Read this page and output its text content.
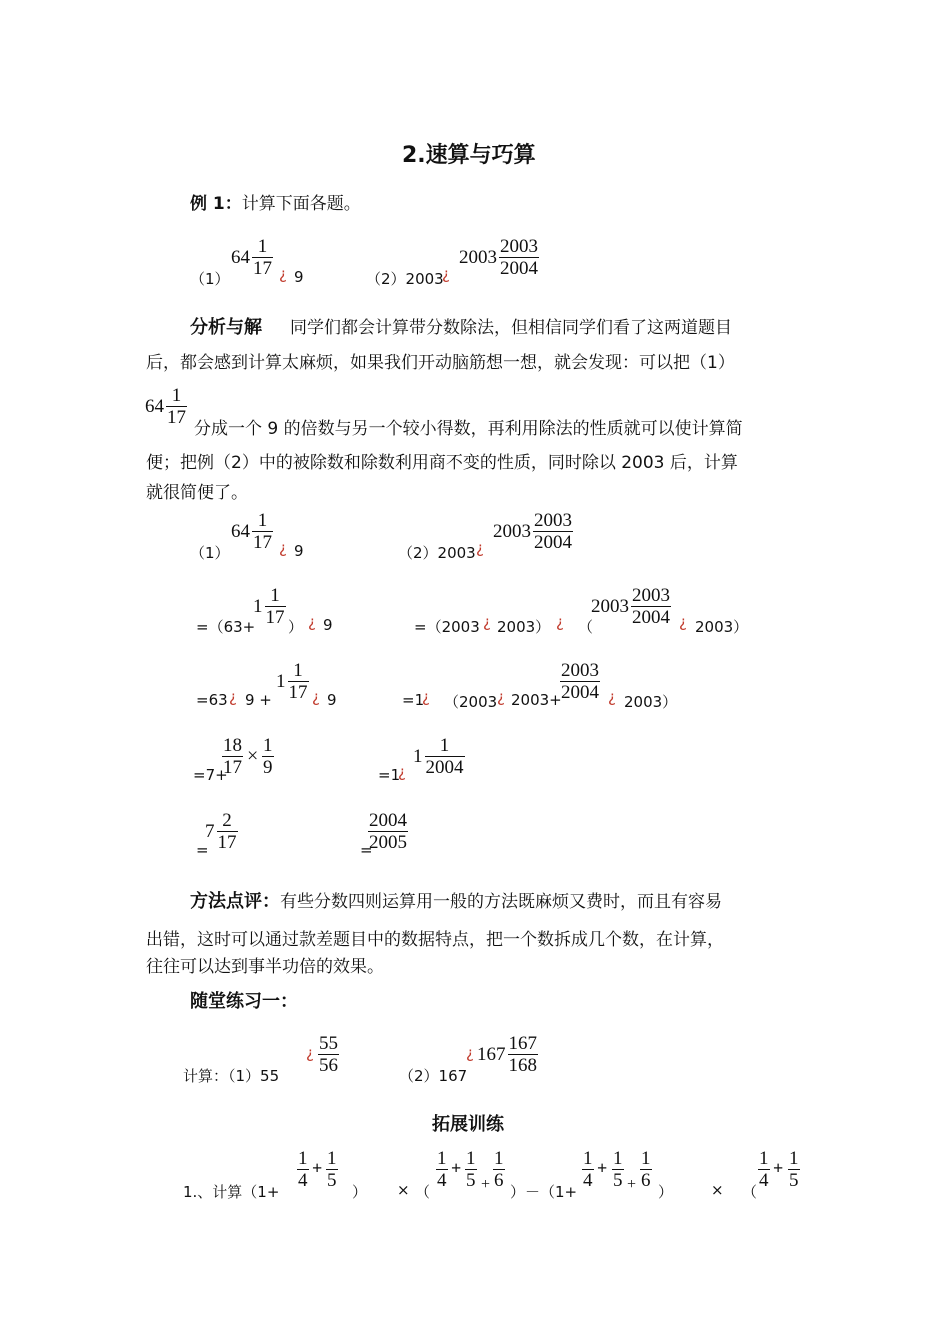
2.速算与巧算
例 1：计算下面各题。
（1）
$64 \frac{1}{17}$ ¿ 9	（2）2003
¿
$2003 \frac{2003}{2004}$
分析与解 同学们都会计算带分数除法，但相信同学们看了这两道题目
后，都会感到计算太麻烦，如果我们开动脑筋想一想，就会发现：可以把（1）
$64 \frac{1}{17}$
分成一个 9 的倍数与另一个较小得数，再利用除法的性质就可以使计算简
便；把例（2）中的被除数和除数利用商不变的性质，同时除以 2003 后，计算
就很简便了。
（1）
$64 \frac{1}{17}$ ¿ 9	（2）2003 ¿
$2003 \frac{2003}{2004}$
=（63+
$1 \frac{1}{17}$ ） ¿ 9	=（2003 ¿ 2003） ¿ （
$2003 \frac{2003}{2004}$ ¿ 2003）
=63 ¿ 9 +
$1 \frac{1}{17}$ ¿ 9	=1
¿ （2003 ¿ 2003+
$\frac{2003}{2004}$ ¿ 2003）
=7+
$\frac{18}{17} \times \frac{1}{9}$	=1
¿
$1 \frac{1}{2004}$
=
$7 \frac{2}{17}$	=
$\frac{2004}{2005}$
方法点评：有些分数四则运算用一般的方法既麻烦又费时，而且有容易
出错，这时可以通过款差题目中的数据特点，把一个数拆成几个数，在计算，
往往可以达到事半功倍的效果。
随堂练习一：
计算：（1）55
¿ $\frac{55}{56}$	（2）167
¿ $167 \frac{167}{168}$
拓展训练
1.、计算（1+
$\frac{1}{4} + \frac{1}{5}$
） × （
$\frac{1}{4} + \frac{1}{5} + \frac{1}{6}$
）－（1+
$\frac{1}{4} + \frac{1}{5} + \frac{1}{6}$
）	× （
$\frac{1}{4} + \frac{1}{5}$
